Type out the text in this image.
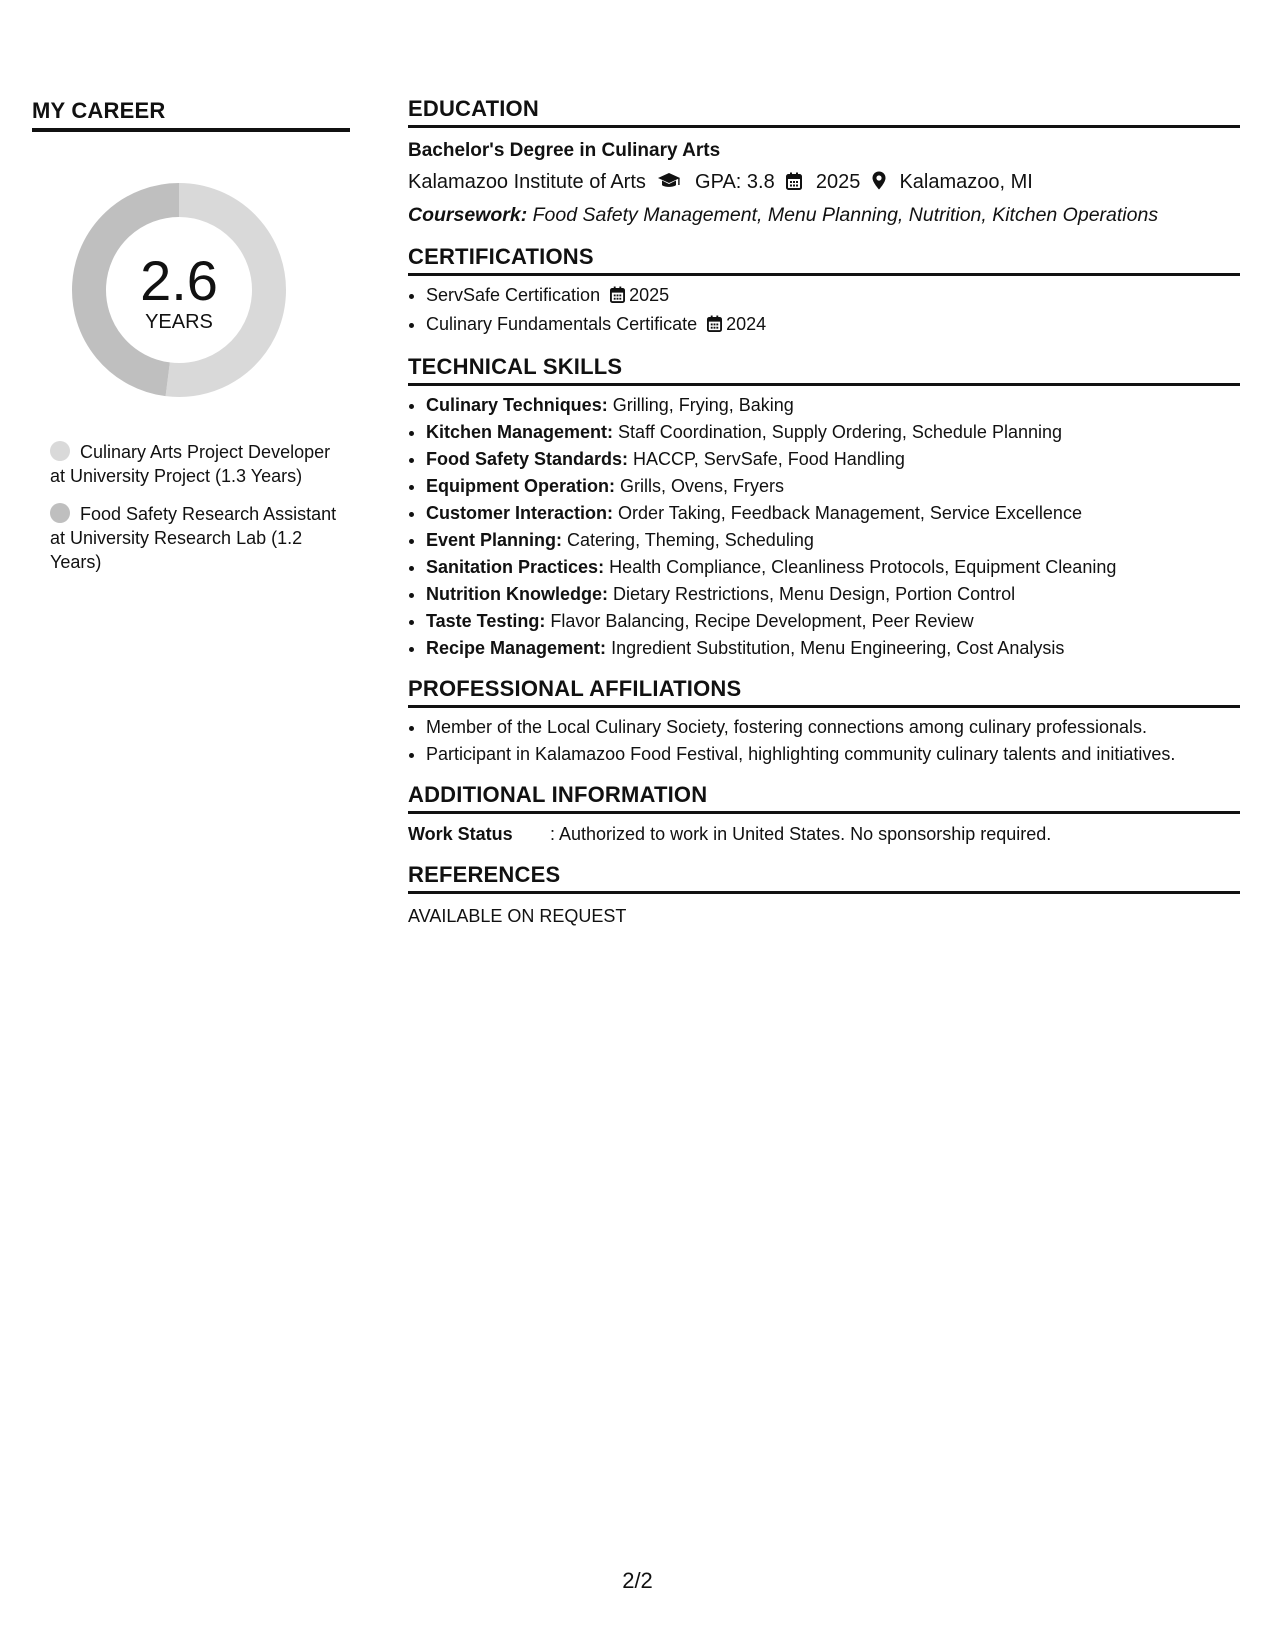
MY CAREER
2.6
YEARS
Culinary Arts Project Developer at University Project (1.3 Years)
Food Safety Research Assistant at University Research Lab (1.2 Years)
EDUCATION
Bachelor's Degree in Culinary Arts
Kalamazoo Institute of Arts GPA: 3.8 2025 Kalamazoo, MI
Coursework: Food Safety Management, Menu Planning, Nutrition, Kitchen Operations
CERTIFICATIONS
• ServSafe Certification 2025
• Culinary Fundamentals Certificate 2024
TECHNICAL SKILLS
• Culinary Techniques: Grilling, Frying, Baking
• Kitchen Management: Staff Coordination, Supply Ordering, Schedule Planning
• Food Safety Standards: HACCP, ServSafe, Food Handling
• Equipment Operation: Grills, Ovens, Fryers
• Customer Interaction: Order Taking, Feedback Management, Service Excellence
• Event Planning: Catering, Theming, Scheduling
• Sanitation Practices: Health Compliance, Cleanliness Protocols, Equipment Cleaning
• Nutrition Knowledge: Dietary Restrictions, Menu Design, Portion Control
• Taste Testing: Flavor Balancing, Recipe Development, Peer Review
• Recipe Management: Ingredient Substitution, Menu Engineering, Cost Analysis
PROFESSIONAL AFFILIATIONS
• Member of the Local Culinary Society, fostering connections among culinary professionals.
• Participant in Kalamazoo Food Festival, highlighting community culinary talents and initiatives.
ADDITIONAL INFORMATION
Work Status : Authorized to work in United States. No sponsorship required.
REFERENCES
AVAILABLE ON REQUEST
2/2
